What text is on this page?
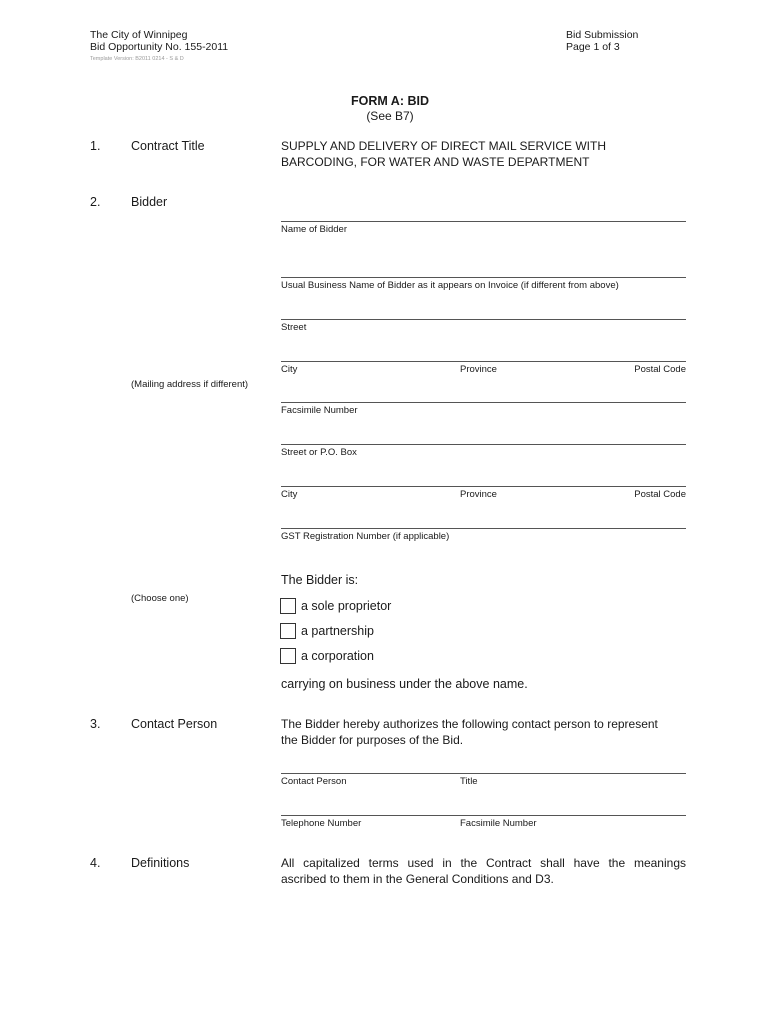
The City of Winnipeg
Bid Opportunity No. 155-2011
Template Version: B2011 0214 - S & D
Bid Submission
Page 1 of 3
FORM A: BID
(See B7)
1. Contract Title	SUPPLY AND DELIVERY OF DIRECT MAIL SERVICE WITH
BARCODING, FOR WATER AND WASTE DEPARTMENT
2. Bidder
Name of Bidder
Usual Business Name of Bidder as it appears on Invoice (if different from above)
Street
City	Province	Postal Code
(Mailing address if different)
Facsimile Number
Street or P.O. Box
City	Province	Postal Code
GST Registration Number (if applicable)
The Bidder is:
(Choose one)
a sole proprietor
a partnership
a corporation
carrying on business under the above name.
3. Contact Person	The Bidder hereby authorizes the following contact person to represent
the Bidder for purposes of the Bid.
Contact Person	Title
Telephone Number	Facsimile Number
4. Definitions	All capitalized terms used in the Contract shall have the meanings
ascribed to them in the General Conditions and D3.
